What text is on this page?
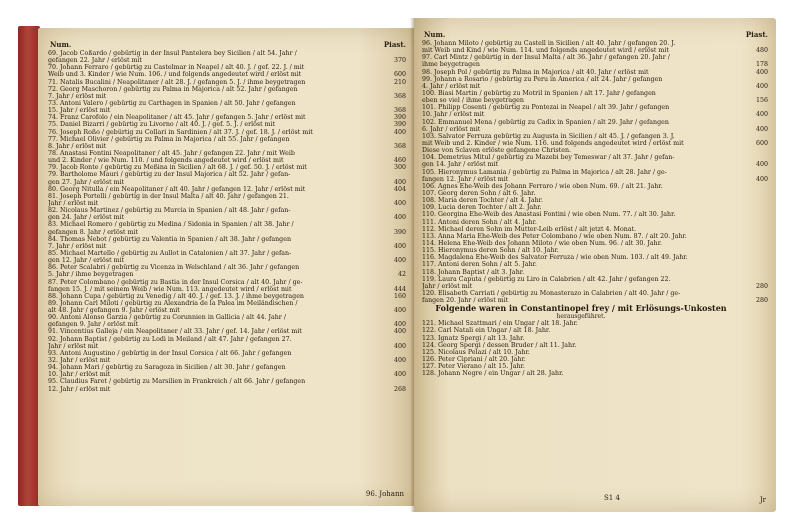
Num.	Piast.
69. Jacob Coßardo / gebürtig in der Insul Pantelera bey Sicilien / alt 54. Jahr /
gefangen 22. Jahr / erlöst mit	370
70. Johann Ferraro / gebürtig zu Castelmar in Neapel / alt 40. J. / gef. 22. J. / mit
Weib und 3. Kinder / wie Num. 106. / und folgends angedeutet wird / erlöst mit	600
71. Natalis Bucalini / Neapolitaner / alt 28. J. / gefangen 5. J. / ihme beygetragen	210
72. Georg Maschoron / gebürtig zu Palma in Majorica / alt 52. Jahr / gefangen
7. Jahr / erlöst mit	368
73. Antoni Valero / gebürtig zu Carthagen in Spanien / alt 50. Jahr / gefangen
15. Jahr / erlöst mit	368
74. Franz Carofolo / ein Neapolitaner / alt 45. Jahr / gefangen 5. Jahr / erlöst mit	390
75. Daniel Bizarri / gebürtig zu Livorno / alt 40. J. / gef. 5. J. / erlöst mit	390
76. Joseph Roßo / gebürtig zu Collari in Sardinien / alt 37. J. / gef. 18. J. / erlöst mit	400
77. Michael Olivier / gebürtig zu Palma in Majorica / alt 55. Jahr / gefangen
8. Jahr / erlöst mit	368
78. Anastasi Fontini Neapolitaner / alt 45. Jahr / gefangen 22. Jahr / mit Weib
und 2. Kinder / wie Num. 110. / und folgends angedeutet wird / erlöst mit	460
79. Jacob Ronte / gebürtig zu Meßina in Sicilien / alt 68. J. / gef. 50. J. / erlöst mit	300
79. Bartholome Mauri / gebürtig zu der Insul Majorica / alt 52. Jahr / gefan-
gen 27. Jahr / erlöst mit	400
80. Georg Nitulla / ein Neapolitaner / alt 40. Jahr / gefangen 12. Jahr / erlöst mit	404
81. Joseph Portelli / gebürtig in der Insul Malta / alt 40. Jahr / gefangen 21.
Jahr / erlöst mit	400
82. Nicolaus Martinez / gebürtig zu Murcia in Spanien / alt 48. Jahr / gefan-
gen 24. Jahr / erlöst mit	400
83. Michael Romero / gebürtig zu Medina / Sidonia in Spanien / alt 38. Jahr /
gefangen 8. Jahr / erlöst mit	390
84. Thomas Nebot / gebürtig zu Valentia in Spanien / alt 38. Jahr / gefangen
7. Jahr / erlöst mit	400
85. Michael Martello / gebürtig zu Aullot in Catalonien / alt 37. Jahr / gefan-
gen 12. Jahr / erlöst mit	400
86. Peter Scalabri / gebürtig zu Vicenza in Welschland / alt 36. Jahr / gefangen
5. Jahr / ihme beygetragen	42
87. Peter Colombano / gebürtig zu Bastia in der Insul Corsica / alt 40. Jahr / ge-
fangen 15. J. / mit seinem Weib / wie Num. 113. angedeutet wird / erlöst mit	444
88. Johann Cupa / gebürtig zu Venedig / alt 40. J. / gef. 13. J. / ihme beygetragen	160
89. Johann Carl Miloti / gebürtig zu Alexandria de la Palea im Meiländischen /
alt 48. Jahr / gefangen 9. Jahr / erlöst mit	400
90. Antoni Alonso Garzia / gebürtig zu Corunnien in Gallicia / alt 44. Jahr /
gefangen 9. Jahr / erlöst mit	400
91. Vincentius Galleja / ein Neapolitaner / alt 33. Jahr / gef. 14. Jahr / erlöst mit	400
92. Johann Baptist / gebürtig zu Lodi in Meiland / alt 47. Jahr / gefangen 27.
Jahr / erlöst mit	400
93. Antoni Augustino / gebürtig in der Insul Corsica / alt 66. Jahr / gefangen
32. Jahr / erlöst mit	400
94. Johann Mari / gebürtig zu Saragoza in Sicilien / alt 30. Jahr / gefangen
10. Jahr / erlöst mit	400
95. Claudius Faret / gebürtig zu Marsilien in Frankreich / alt 66. Jahr / gefangen
12. Jahr / erlöst mit	268
96. Johann
Num.	Piast.
96. Johann Miloto / gebürtig zu Castell in Sicilien / alt 40. Jahr / gefangen 20. J.
mit Weib und Kind / wie Num. 114. und folgends angedeutet wird / erlöst mit	480
97. Carl Mintz / gebürtig in der Insul Malta / alt 36. Jahr / gefangen 20. Jahr /
ihme beygetragen	178
98. Joseph Pol / gebürtig zu Palma in Majorica / alt 40. Jahr / erlöst mit	400
99. Johann a Rosario / gebürtig zu Peru in America / alt 24. Jahr / gefangen
4. Jahr / erlöst mit	400
100. Biasi Martin / gebürtig zu Motril in Spanien / alt 17. Jahr / gefangen
eben so viel / ihme beygetragen	156
101. Philipp Cosenti / gebürtig zu Pontezai in Neapel / alt 39. Jahr / gefangen
10. Jahr / erlöst mit	400
102. Emmanuel Mena / gebürtig zu Cadix in Spanien / alt 29. Jahr / gefangen
6. Jahr / erlöst mit	400
103. Salvator Ferruza gebürtig zu Augusta in Sicilien / alt 45. J. / gefangen 3. J.
mit Weib und 2. Kinder / wie Num. 116. und folgends angedeutet wird / erlöst mit	600
Diese von Sclaven erlöste gefangene Christen.
104. Demetrius Mitul / gebürtig zu Mazebi bey Temeswar / alt 37. Jahr / gefan-
gen 14. Jahr / erlöst mit	400
105. Hieronymus Lamania / gebürtig zu Palma in Majorica / alt 28. Jahr / ge-
fangen 12. Jahr / erlöst mit	400
106. Agnes Ehe-Weib des Johann Ferraro / wie oben Num. 69. / alt 21. Jahr.
107. Georg deren Sohn / alt 6. Jahr.
108. Maria deren Tochter / alt 4. Jahr.
109. Lucia deren Tochter / alt 2. Jahr.
110. Georgina Ehe-Weib des Anastasi Fontini / wie oben Num. 77. / alt 30. Jahr.
111. Antoni deren Sohn / alt 4. Jahr.
112. Michael deren Sohn im Mutter-Leib erlöst / alt jetzt 4. Monat.
113. Anna Maria Ehe-Weib des Peter Colombano / wie oben Num. 87. / alt 20. Jahr.
114. Helena Ehe-Weib des Johann Miloto / wie oben Num. 96. / alt 30. Jahr.
115. Hieronymus deren Sohn / alt 10. Jahr.
116. Magdalena Ehe-Weib des Salvator Ferruza / wie oben Num. 103. / alt 49. Jahr.
117. Antoni deren Sohn / alt 5. Jahr.
118. Johann Baptist / alt 3. Jahr.
119. Laura Caputa / gebürtig zu Liro in Calabrien / alt 42. Jahr / gefangen 22.
Jahr / erlöst mit	280
120. Elisabeth Carriati / gebürtig zu Monasterazo in Calabrien / alt 40. Jahr / ge-
fangen 20. Jahr / erlöst mit	280
Folgende waren in Constantinopel frey / mit Erlösungs-Unkosten
herausgeführet.
121. Michael Szattmari / ein Ungar / alt 18. Jahr.
122. Carl Natali ein Ungar / alt 18. Jahr.
123. Ignatz Spergi / alt 13. Jahr.
124. Georg Spergi / dessen Bruder / alt 11. Jahr.
125. Nicolaus Pelazi / alt 10. Jahr.
126. Peter Cipriani / alt 20. Jahr.
127. Peter Vierano / alt 15. Jahr.
128. Johann Negre / ein Ungar / alt 28. Jahr.
S1 4	Jr
